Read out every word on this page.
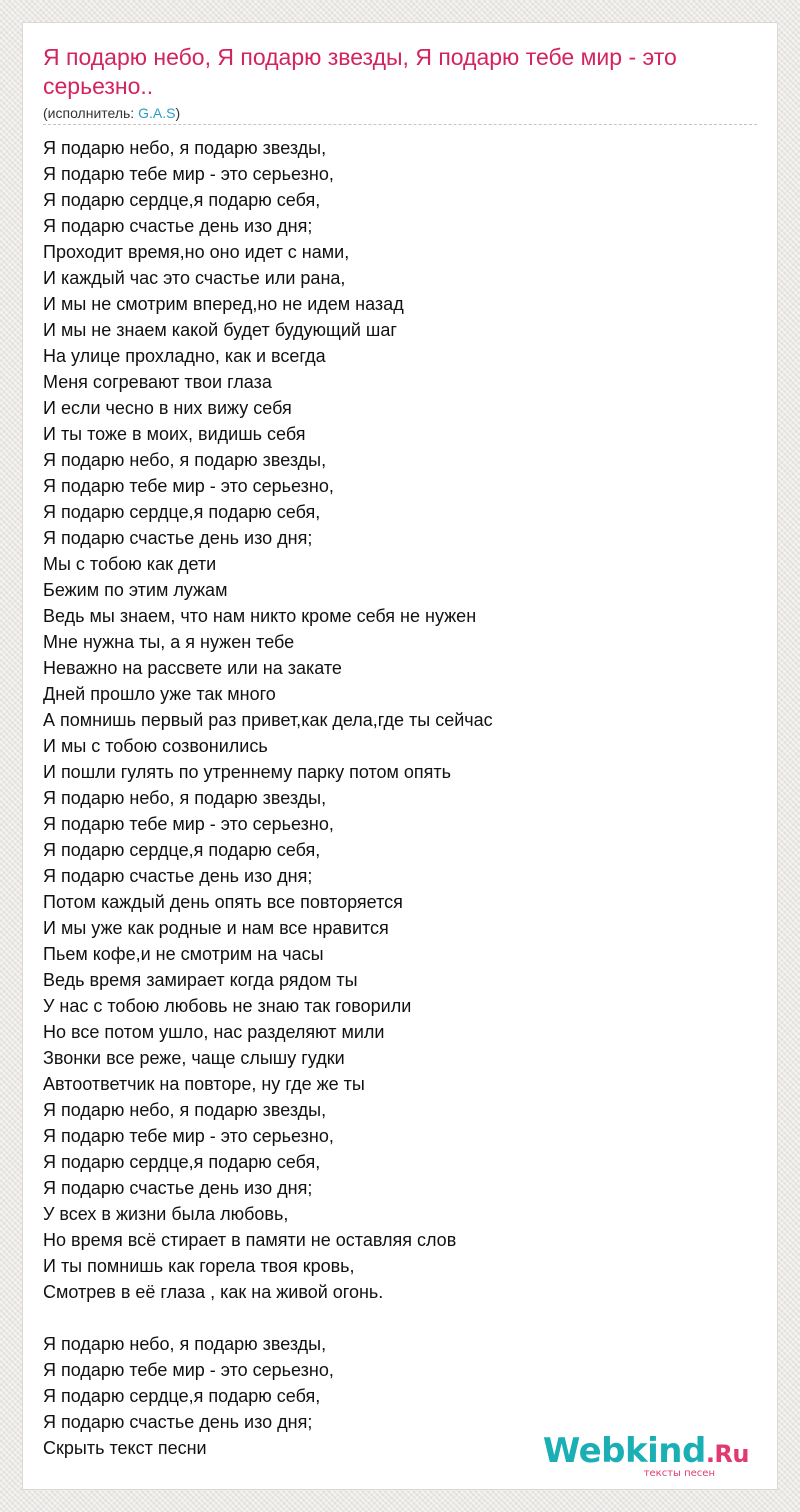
Я подарю небо, Я подарю звезды, Я подарю тебе мир - это серьезно..
(исполнитель: G.A.S)
Я подарю небо, я подарю звезды,
Я подарю тебе мир - это серьезно,
Я подарю сердце,я подарю себя,
Я подарю счастье день изо дня;
Проходит время,но оно идет с нами,
И каждый час это счастье или рана,
И мы не смотрим вперед,но не идем назад
И мы не знаем какой будет будующий шаг
На улице прохладно, как и всегда
Меня согревают твои глаза
И если чесно в них вижу себя
И ты тоже в моих, видишь себя
Я подарю небо, я подарю звезды,
Я подарю тебе мир - это серьезно,
Я подарю сердце,я подарю себя,
Я подарю счастье день изо дня;
Мы с тобою как дети
Бежим по этим лужам
Ведь мы знаем, что нам никто кроме себя не нужен
Мне нужна ты, а я нужен тебе
Неважно на рассвете или на закате
Дней прошло уже так много
А помнишь первый раз привет,как дела,где ты сейчас
И мы с тобою созвонились
И пошли гулять по утреннему парку потом опять
Я подарю небо, я подарю звезды,
Я подарю тебе мир - это серьезно,
Я подарю сердце,я подарю себя,
Я подарю счастье день изо дня;
Потом каждый день опять все повторяется
И мы уже как родные и нам все нравится
Пьем кофе,и не смотрим на часы
Ведь время замирает когда рядом ты
У нас с тобою любовь не знаю так говорили
Но все потом ушло, нас разделяют мили
Звонки все реже, чаще слышу гудки
Автоответчик на повторе, ну где же ты
Я подарю небо, я подарю звезды,
Я подарю тебе мир - это серьезно,
Я подарю сердце,я подарю себя,
Я подарю счастье день изо дня;
У всех в жизни была любовь,
Но время всё стирает в памяти не оставляя слов
И ты помнишь как горела твоя кровь,
Смотрев в её глаза , как на живой огонь.
Я подарю небо, я подарю звезды,
Я подарю тебе мир - это серьезно,
Я подарю сердце,я подарю себя,
Я подарю счастье день изо дня;
Скрыть текст песни	Webkind.Ru
тексты песен
